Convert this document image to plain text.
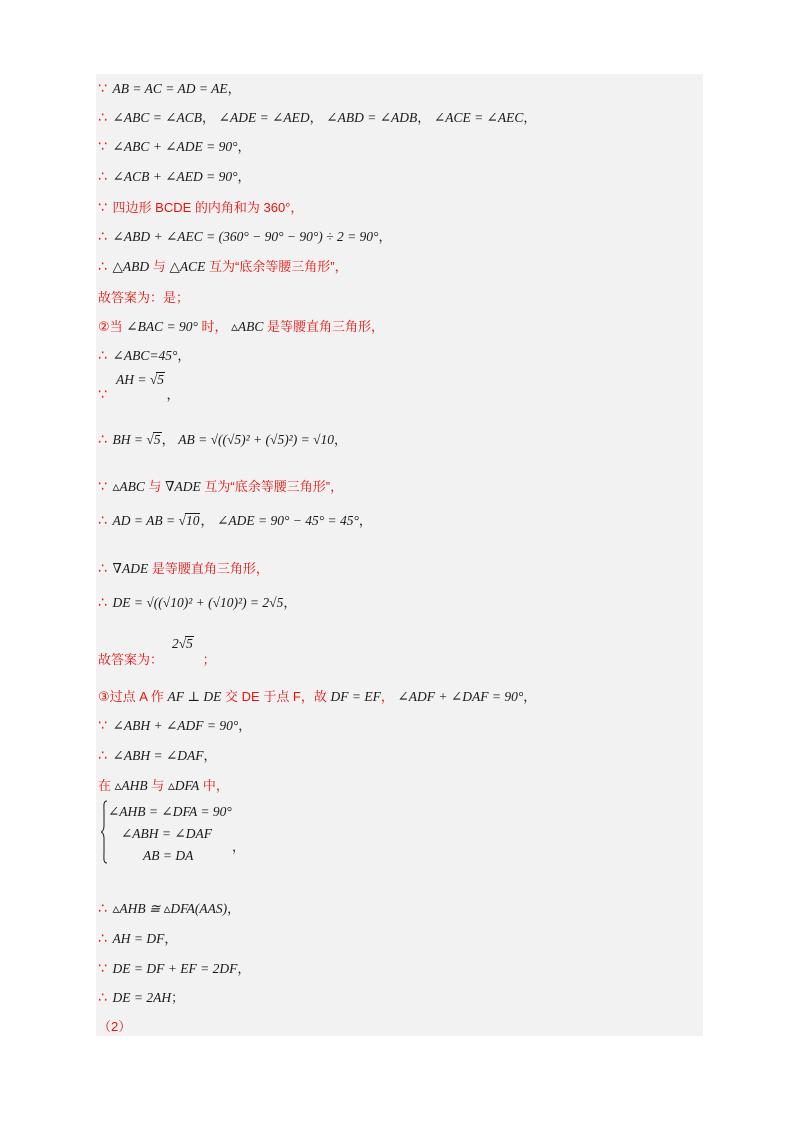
∵ AB = AC = AD = AE，
∴ ∠ABC = ∠ACB， ∠ADE = ∠AED， ∠ABD = ∠ADB， ∠ACE = ∠AEC，
∵ ∠ABC + ∠ADE = 90°，
∴ ∠ACB + ∠AED = 90°，
∵ 四边形 BCDE 的内角和为 360°，
∴ ∠ABD + ∠AEC = (360° − 90° − 90°) ÷ 2 = 90°，
∴ △ABD 与 △ACE 互为“底余等腰三角形”，
故答案为：是；
②当 ∠BAC = 90° 时， ▵ABC 是等腰直角三角形，
∴ ∠ABC=45°，
AH = √5
∵	，
∴ BH = √5， AB = √((√5)² + (√5)²) = √10，
∵ ▵ABC 与 ∇ADE 互为“底余等腰三角形”，
∴ AD = AB = √10， ∠ADE = 90° − 45° = 45°，
∴ ∇ADE 是等腰直角三角形，
∴ DE = √((√10)² + (√10)²) = 2√5，
2√5
故答案为：	；
③过点 A 作 AF ⊥ DE 交 DE 于点 F，故 DF = EF， ∠ADF + ∠DAF = 90°，
∵ ∠ABH + ∠ADF = 90°，
∴ ∠ABH = ∠DAF，
在 ▵AHB 与 ▵DFA 中，
∠AHB = ∠DFA = 90°
∠ABH = ∠DAF
AB = DA
，
∴ ▵AHB ≅ ▵DFA(AAS)，
∴ AH = DF，
∵ DE = DF + EF = 2DF，
∴ DE = 2AH；
（2）
